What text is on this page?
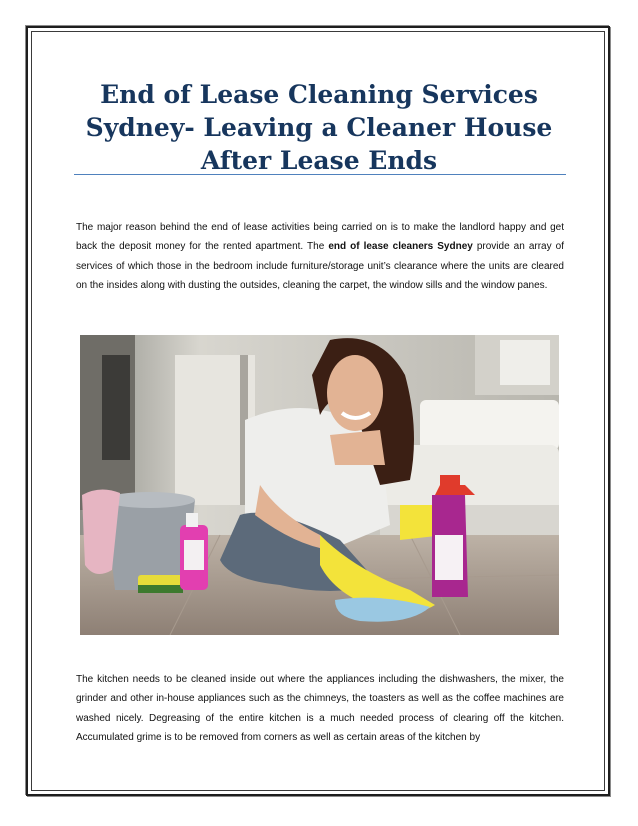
End of Lease Cleaning Services Sydney- Leaving a Cleaner House After Lease Ends

The major reason behind the end of lease activities being carried on is to make the landlord happy and get back the deposit money for the rented apartment. The end of lease cleaners Sydney provide an array of services of which those in the bedroom include furniture/storage unit’s clearance where the units are cleared on the insides along with dusting the outsides, cleaning the carpet, the window sills and the window panes.

The kitchen needs to be cleaned inside out where the appliances including the dishwashers, the mixer, the grinder and other in-house appliances such as the chimneys, the toasters as well as the coffee machines are washed nicely. Degreasing of the entire kitchen is a much needed process of clearing off the kitchen. Accumulated grime is to be removed from corners as well as certain areas of the kitchen by
